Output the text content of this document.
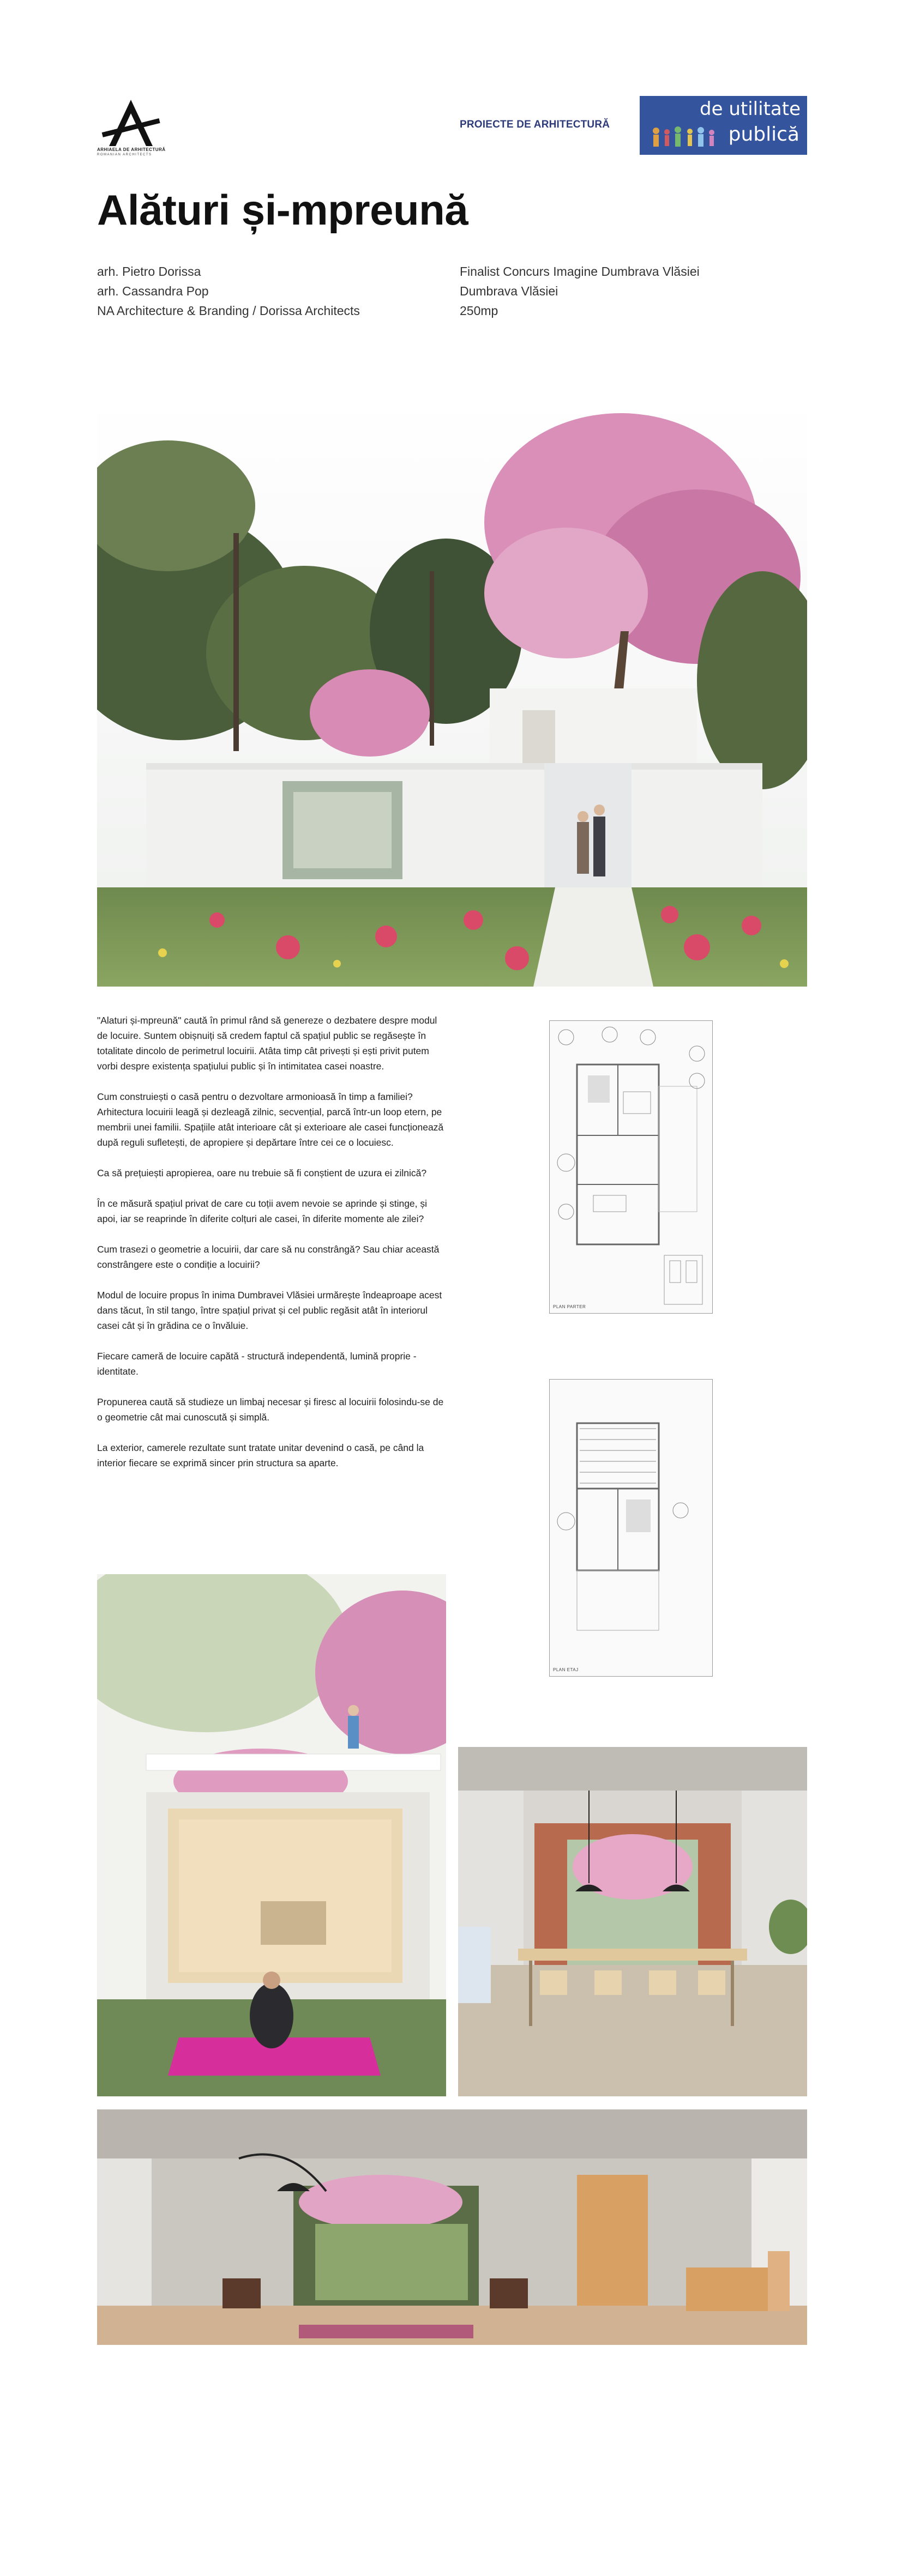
ARHIAELA DE ARHITECTURĂ
ROMANIAN ARCHITECTS
PROIECTE DE ARHITECTURĂ
de utilitate
publică
Alături și-mpreună
arh. Pietro Dorissa
arh. Cassandra Pop
NA Architecture & Branding / Dorissa Architects
Finalist Concurs Imagine Dumbrava Vlăsiei
Dumbrava Vlăsiei
250mp

"Alaturi și-mpreună" caută în primul rând să genereze o dezbatere despre modul de locuire. Suntem obișnuiți să credem faptul că spațiul public se regăsește în totalitate dincolo de perimetrul locuirii. Atâta timp cât privești și ești privit putem vorbi despre existența spațiului public și în intimitatea casei noastre.

Cum construiești o casă pentru o dezvoltare armonioasă în timp a familiei? Arhitectura locuirii leagă și dezleagă zilnic, secvențial, parcă într-un loop etern, pe membrii unei familii. Spațiile atât interioare cât și exterioare ale casei funcționează după reguli sufletești, de apropiere și depărtare între cei ce o locuiesc.

Ca să prețuiești apropierea, oare nu trebuie să fi conștient de uzura ei zilnică?

În ce măsură spațiul privat de care cu toții avem nevoie se aprinde și stinge, și apoi, iar se reaprinde în diferite colțuri ale casei, în diferite momente ale zilei?

Cum trasezi o geometrie a locuirii, dar care să nu constrângă? Sau chiar această constrângere este o condiție a locuirii?

Modul de locuire propus în inima Dumbravei Vlăsiei urmărește îndeaproape acest dans tăcut, în stil tango, între spațiul privat și cel public regăsit atât în interiorul casei cât și în grădina ce o învăluie.

Fiecare cameră de locuire capătă - structură independentă, lumină proprie - identitate.

Propunerea caută să studieze un limbaj necesar și firesc al locuirii folosindu-se de o geometrie cât mai cunoscută și simplă.

La exterior, camerele rezultate sunt tratate unitar devenind o casă, pe când la interior fiecare se exprimă sincer prin structura sa aparte.

PLAN PARTER
PLAN ETAJ
